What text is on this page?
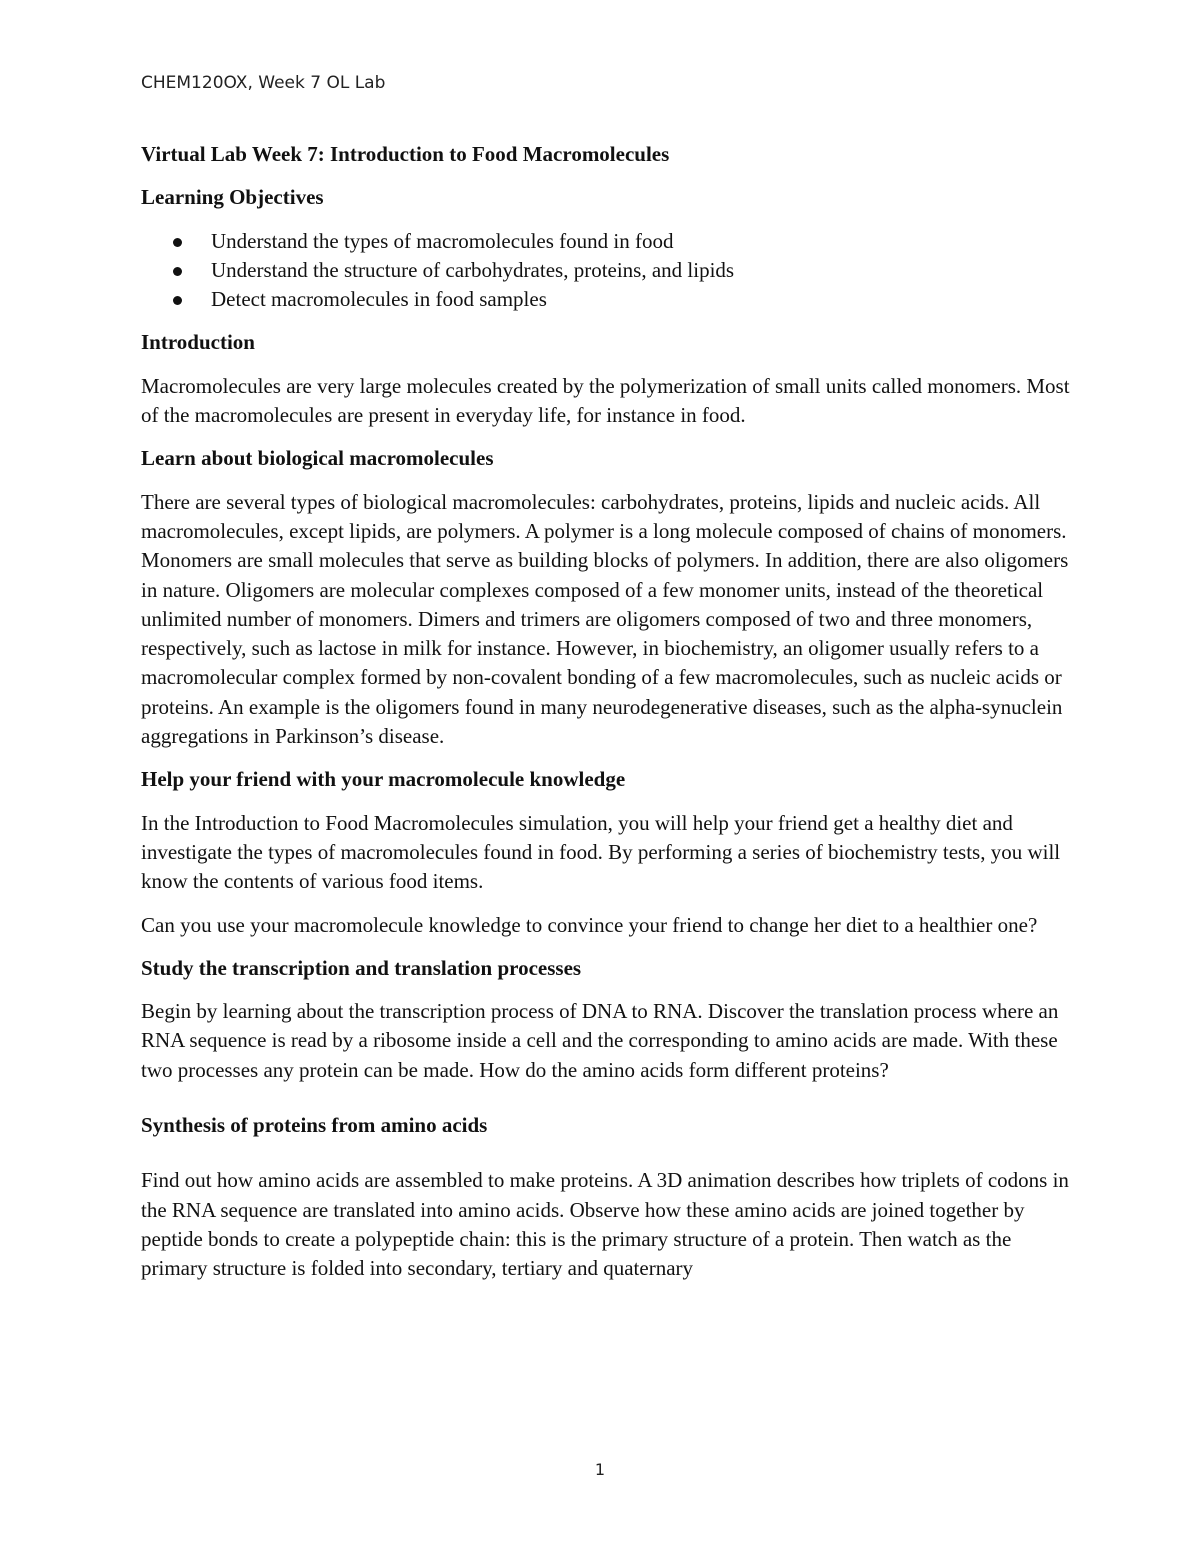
CHEM120OX, Week 7 OL Lab
Virtual Lab Week 7: Introduction to Food Macromolecules
Learning Objectives
Understand the types of macromolecules found in food
Understand the structure of carbohydrates, proteins, and lipids
Detect macromolecules in food samples
Introduction

Macromolecules are very large molecules created by the polymerization of small units called monomers. Most of the macromolecules are present in everyday life, for instance in food.

Learn about biological macromolecules

There are several types of biological macromolecules: carbohydrates, proteins, lipids and nucleic acids. All macromolecules, except lipids, are polymers. A polymer is a long molecule composed of chains of monomers. Monomers are small molecules that serve as building blocks of polymers. In addition, there are also oligomers in nature. Oligomers are molecular complexes composed of a few monomer units, instead of the theoretical unlimited number of monomers. Dimers and trimers are oligomers composed of two and three monomers, respectively, such as lactose in milk for instance. However, in biochemistry, an oligomer usually refers to a macromolecular complex formed by non-covalent bonding of a few macromolecules, such as nucleic acids or proteins. An example is the oligomers found in many neurodegenerative diseases, such as the alpha-synuclein aggregations in Parkinson’s disease.

Help your friend with your macromolecule knowledge

In the Introduction to Food Macromolecules simulation, you will help your friend get a healthy diet and investigate the types of macromolecules found in food. By performing a series of biochemistry tests, you will know the contents of various food items.

Can you use your macromolecule knowledge to convince your friend to change her diet to a healthier one?

Study the transcription and translation processes

Begin by learning about the transcription process of DNA to RNA. Discover the translation process where an RNA sequence is read by a ribosome inside a cell and the corresponding to amino acids are made. With these two processes any protein can be made. How do the amino acids form different proteins?

Synthesis of proteins from amino acids

Find out how amino acids are assembled to make proteins. A 3D animation describes how triplets of codons in the RNA sequence are translated into amino acids. Observe how these amino acids are joined together by peptide bonds to create a polypeptide chain: this is the primary structure of a protein. Then watch as the primary structure is folded into secondary, tertiary and quaternary

1
